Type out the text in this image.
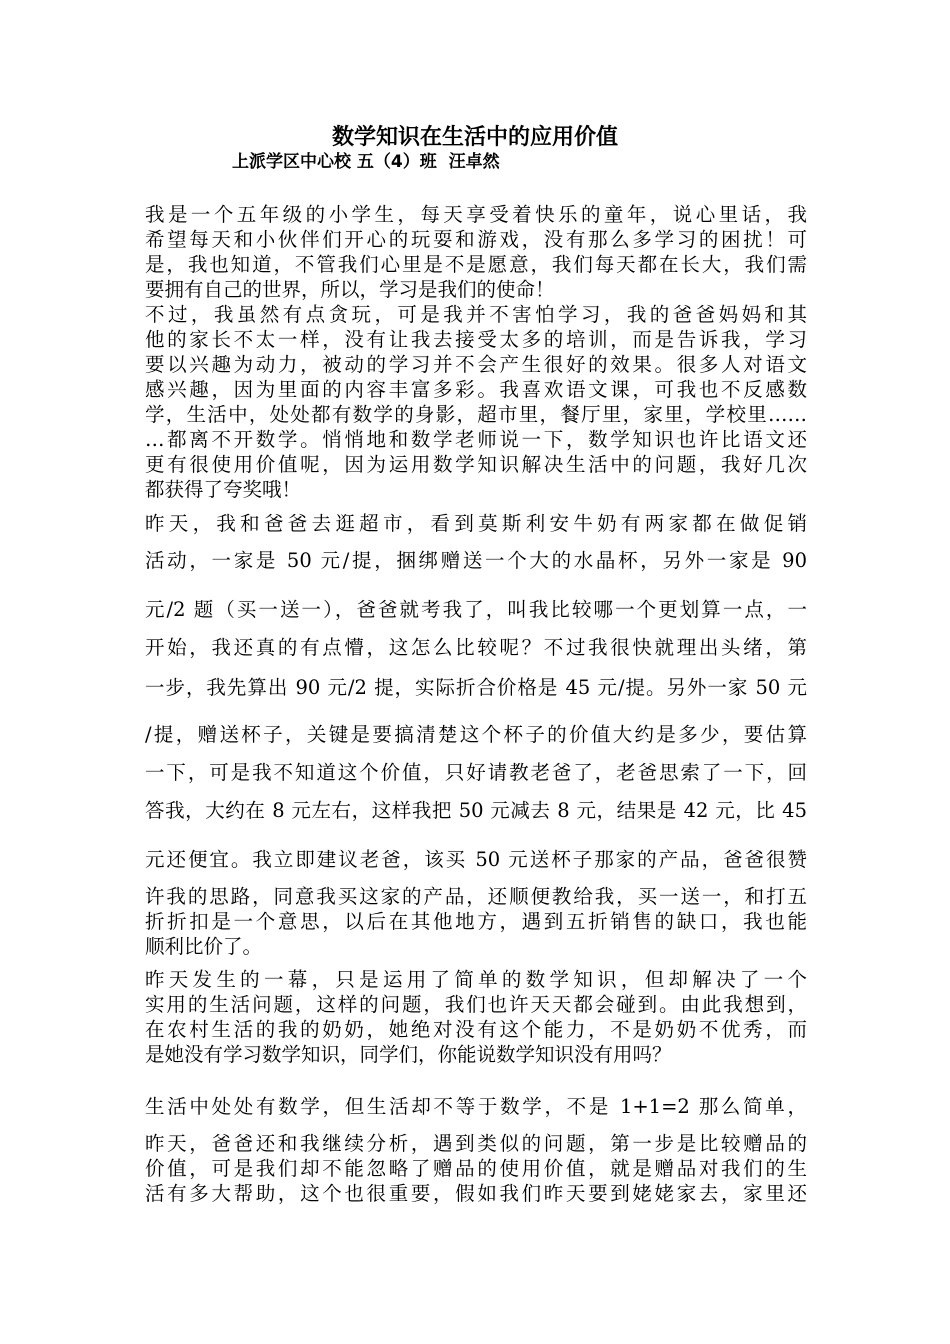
数学知识在生活中的应用价值
上派学区中心校 五（4）班  汪卓然
我是一个五年级的小学生，每天享受着快乐的童年，说心里话，我
希望每天和小伙伴们开心的玩耍和游戏，没有那么多学习的困扰！可
是，我也知道，不管我们心里是不是愿意，我们每天都在长大，我们需
要拥有自己的世界，所以，学习是我们的使命！
不过，我虽然有点贪玩，可是我并不害怕学习，我的爸爸妈妈和其
他的家长不太一样，没有让我去接受太多的培训，而是告诉我，学习
要以兴趣为动力，被动的学习并不会产生很好的效果。很多人对语文
感兴趣，因为里面的内容丰富多彩。我喜欢语文课，可我也不反感数
学，生活中，处处都有数学的身影，超市里，餐厅里，家里，学校里……
…都离不开数学。悄悄地和数学老师说一下，数学知识也许比语文还
更有很使用价值呢，因为运用数学知识解决生活中的问题，我好几次
都获得了夸奖哦！
昨天，我和爸爸去逛超市，看到莫斯利安牛奶有两家都在做促销
活动，一家是 50 元/提，捆绑赠送一个大的水晶杯，另外一家是 90
元/2 题（买一送一），爸爸就考我了，叫我比较哪一个更划算一点，一
开始，我还真的有点懵，这怎么比较呢？不过我很快就理出头绪，第
一步，我先算出 90 元/2 提，实际折合价格是 45 元/提。另外一家 50 元
/提，赠送杯子，关键是要搞清楚这个杯子的价值大约是多少，要估算
一下，可是我不知道这个价值，只好请教老爸了，老爸思索了一下，回
答我，大约在 8 元左右，这样我把 50 元减去 8 元，结果是 42 元，比 45
元还便宜。我立即建议老爸，该买 50 元送杯子那家的产品，爸爸很赞
许我的思路，同意我买这家的产品，还顺便教给我，买一送一，和打五
折折扣是一个意思，以后在其他地方，遇到五折销售的缺口，我也能
顺利比价了。
昨天发生的一幕，只是运用了简单的数学知识，但却解决了一个
实用的生活问题，这样的问题，我们也许天天都会碰到。由此我想到，
在农村生活的我的奶奶，她绝对没有这个能力，不是奶奶不优秀，而
是她没有学习数学知识，同学们，你能说数学知识没有用吗？
生活中处处有数学，但生活却不等于数学，不是 1+1=2 那么简单，
昨天，爸爸还和我继续分析，遇到类似的问题，第一步是比较赠品的
价值，可是我们却不能忽略了赠品的使用价值，就是赠品对我们的生
活有多大帮助，这个也很重要，假如我们昨天要到姥姥家去，家里还
